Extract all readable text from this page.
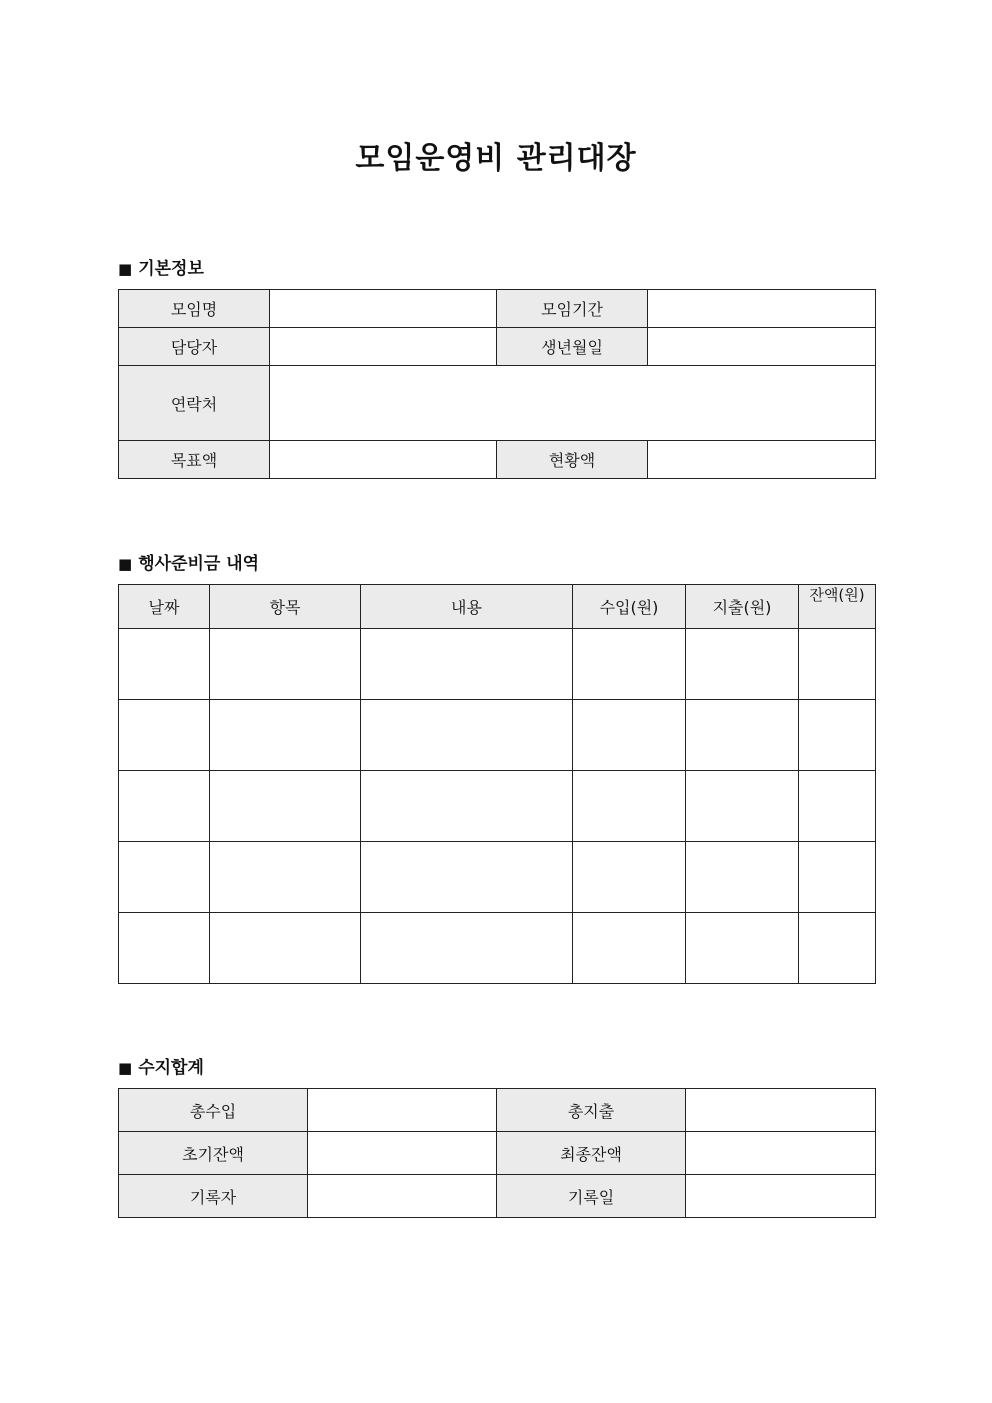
모임운영비 관리대장
■ 기본정보
모임명		모임기간	
담당자		생년월일	
연락처			
목표액		현황액	
■ 행사준비금 내역
날짜	항목	내용	수입(원)	지출(원)	잔액(원)

■ 수지합계
총수입		총지출	
초기잔액		최종잔액	
기록자		기록일	
